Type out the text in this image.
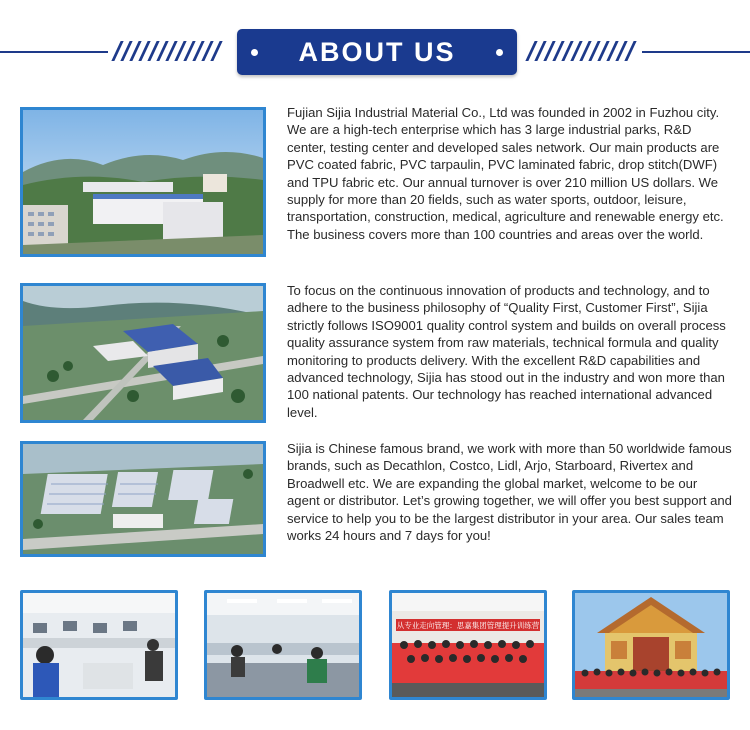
ABOUT US

Fujian Sijia Industrial Material Co., Ltd was founded in 2002 in Fuzhou city. We are a high-tech enterprise which has 3 large industrial parks, R&D center, testing center and developed sales network. Our main products are PVC coated fabric, PVC tarpaulin, PVC laminated fabric, drop stitch(DWF) and TPU fabric etc. Our annual turnover is over 210 million US dollars. We supply for more than 20 fields, such as water sports, outdoor, leisure, transportation, construction, medical, agriculture and renewable energy etc. The business covers more than 100 countries and areas over the world.

To focus on the continuous innovation of products and technology, and to adhere to the business philosophy of “Quality First, Customer First”, Sijia strictly follows ISO9001 quality control system and builds on overall process quality assurance system from raw materials, technical formula and quality monitoring to products delivery. With the excellent R&D capabilities and advanced technology, Sijia has stood out in the industry and won more than 100 national patents. Our technology has reached international advanced level.

Sijia is Chinese famous brand, we work with more than 50 worldwide famous brands, such as Decathlon, Costco, Lidl, Arjo, Starboard, Rivertex and Broadwell etc. We are expanding the global market, welcome to be our agent or distributor. Let’s growing together, we will offer you best support and service to help you to be the largest distributor in your area. Our sales team works 24 hours and 7 days for you!

从专业走向管理：思嘉集团管理提升训练营
